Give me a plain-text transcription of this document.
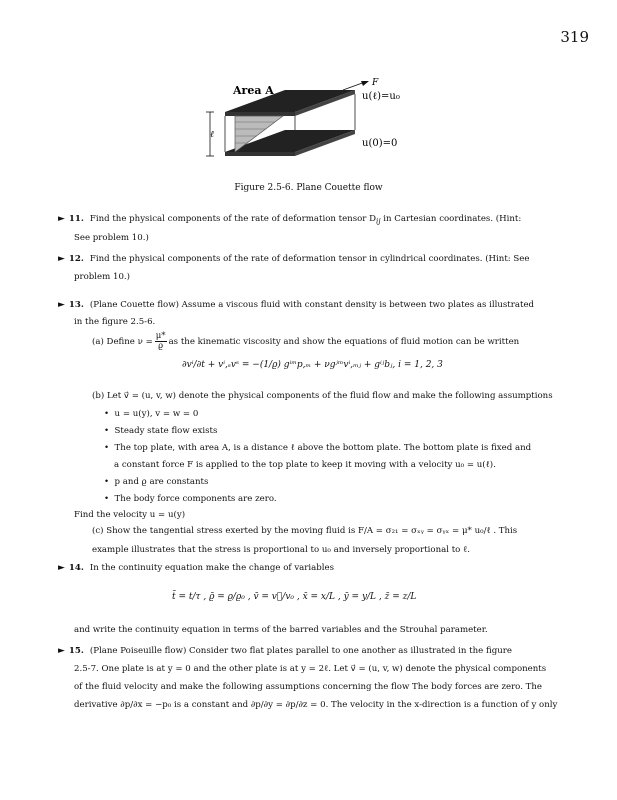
319
ℓ
Area A
F
u(ℓ)=u₀
u(0)=0
Figure 2.5-6. Plane Couette flow
► 11. Find the physical components of the rate of deformation tensor $D_{ij}$ in Cartesian coordinates. (Hint:
See problem 10.)
► 12. Find the physical components of the rate of deformation tensor in cylindrical coordinates. (Hint: See
problem 10.)
► 13. (Plane Couette flow) Assume a viscous fluid with constant density is between two plates as illustrated
in the figure 2.5-6.
(a) Define $\nu = \frac{\mu*}{ϱ}$ as the kinematic viscosity and show the equations of fluid motion can be written
∂vⁱ/∂t + vⁱ,ₛvˢ = −(1/ϱ) gⁱᵐp,ₘ + νgʲᵐvⁱ,ₘⱼ + gⁱʲbⱼ, i = 1, 2, 3
(b) Let v⃗ = (u, v, w) denote the physical components of the fluid flow and make the following assumptions
•  u = u(y), v = w = 0
•  Steady state flow exists
•  The top plate, with area A, is a distance ℓ above the bottom plate. The bottom plate is fixed and
a constant force F is applied to the top plate to keep it moving with a velocity u₀ = u(ℓ).
•  p and ϱ are constants
•  The body force components are zero.
Find the velocity u = u(y)
(c) Show the tangential stress exerted by the moving fluid is F/A = σ₂₁ = σₓᵧ = σᵧₓ = μ* u₀/ℓ . This
example illustrates that the stress is proportional to u₀ and inversely proportional to ℓ.
► 14. In the continuity equation make the change of variables
t̄ = t/τ , ϱ̄ = ϱ/ϱ₀ , v̄ = v⃗/v₀ , x̄ = x/L , ȳ = y/L , z̄ = z/L
and write the continuity equation in terms of the barred variables and the Strouhal parameter.
► 15. (Plane Poiseuille flow) Consider two flat plates parallel to one another as illustrated in the figure
2.5-7. One plate is at y = 0 and the other plate is at y = 2ℓ. Let v⃗ = (u, v, w) denote the physical components
of the fluid velocity and make the following assumptions concerning the flow The body forces are zero. The
derivative ∂p/∂x = −p₀ is a constant and ∂p/∂y = ∂p/∂z = 0. The velocity in the x-direction is a function of y only
